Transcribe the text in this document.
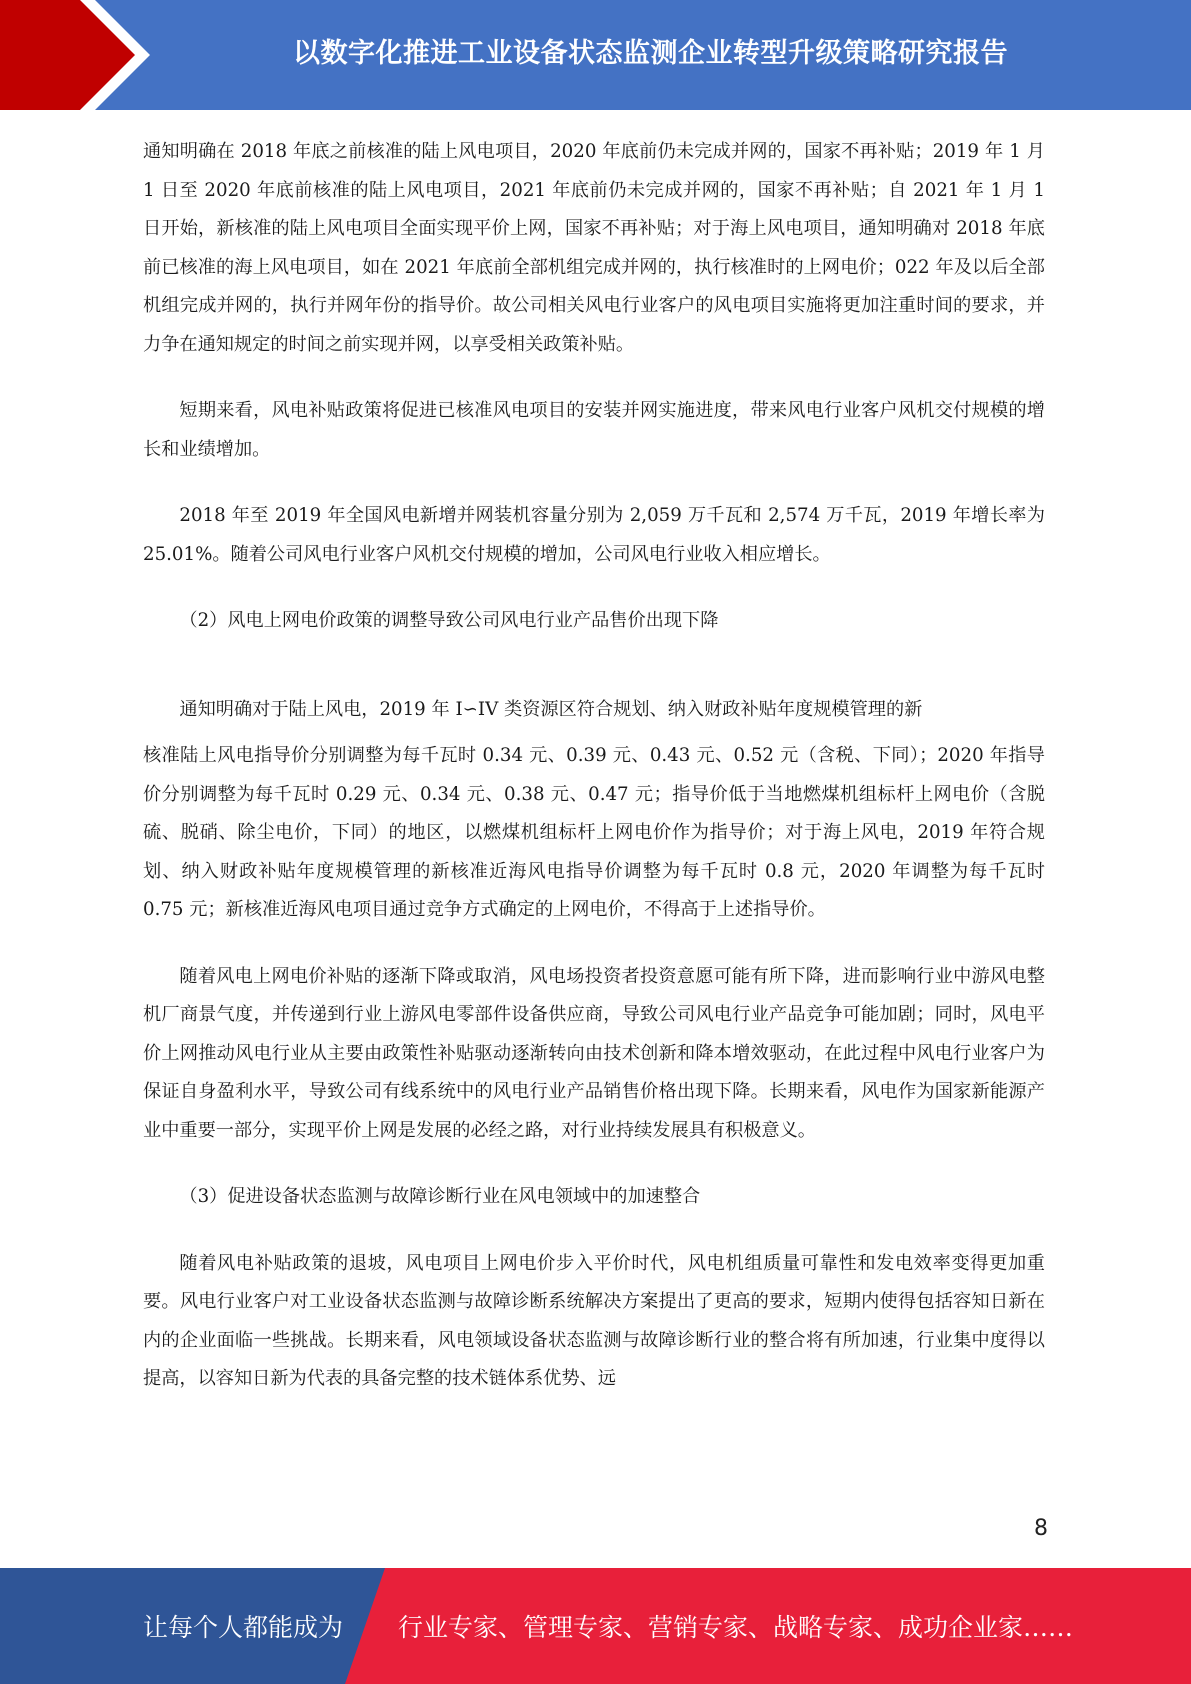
以数字化推进工业设备状态监测企业转型升级策略研究报告

通知明确在 2018 年底之前核准的陆上风电项目，2020 年底前仍未完成并网的，国家不再补贴；2019 年 1 月 1 日至 2020 年底前核准的陆上风电项目，2021 年底前仍未完成并网的，国家不再补贴；自 2021 年 1 月 1 日开始，新核准的陆上风电项目全面实现平价上网，国家不再补贴；对于海上风电项目，通知明确对 2018 年底前已核准的海上风电项目，如在 2021 年底前全部机组完成并网的，执行核准时的上网电价；022 年及以后全部机组完成并网的，执行并网年份的指导价。故公司相关风电行业客户的风电项目实施将更加注重时间的要求，并力争在通知规定的时间之前实现并网，以享受相关政策补贴。

短期来看，风电补贴政策将促进已核准风电项目的安装并网实施进度，带来风电行业客户风机交付规模的增长和业绩增加。

2018 年至 2019 年全国风电新增并网装机容量分别为 2,059 万千瓦和 2,574 万千瓦，2019 年增长率为 25.01%。随着公司风电行业客户风机交付规模的增加，公司风电行业收入相应增长。

（2）风电上网电价政策的调整导致公司风电行业产品售价出现下降

通知明确对于陆上风电，2019 年 I∽IV 类资源区符合规划、纳入财政补贴年度规模管理的新

核准陆上风电指导价分别调整为每千瓦时 0.34 元、0.39 元、0.43 元、0.52 元（含税、下同）；2020 年指导价分别调整为每千瓦时 0.29 元、0.34 元、0.38 元、0.47 元；指导价低于当地燃煤机组标杆上网电价（含脱硫、脱硝、除尘电价，下同）的地区，以燃煤机组标杆上网电价作为指导价；对于海上风电，2019 年符合规划、纳入财政补贴年度规模管理的新核准近海风电指导价调整为每千瓦时 0.8 元，2020 年调整为每千瓦时 0.75 元；新核准近海风电项目通过竞争方式确定的上网电价，不得高于上述指导价。

随着风电上网电价补贴的逐渐下降或取消，风电场投资者投资意愿可能有所下降，进而影响行业中游风电整机厂商景气度，并传递到行业上游风电零部件设备供应商，导致公司风电行业产品竞争可能加剧；同时，风电平价上网推动风电行业从主要由政策性补贴驱动逐渐转向由技术创新和降本增效驱动，在此过程中风电行业客户为保证自身盈利水平，导致公司有线系统中的风电行业产品销售价格出现下降。长期来看，风电作为国家新能源产业中重要一部分，实现平价上网是发展的必经之路，对行业持续发展具有积极意义。

（3）促进设备状态监测与故障诊断行业在风电领域中的加速整合

随着风电补贴政策的退坡，风电项目上网电价步入平价时代，风电机组质量可靠性和发电效率变得更加重要。风电行业客户对工业设备状态监测与故障诊断系统解决方案提出了更高的要求，短期内使得包括容知日新在内的企业面临一些挑战。长期来看，风电领域设备状态监测与故障诊断行业的整合将有所加速，行业集中度得以提高，以容知日新为代表的具备完整的技术链体系优势、远

8
让每个人都能成为 行业专家、管理专家、营销专家、战略专家、成功企业家……
